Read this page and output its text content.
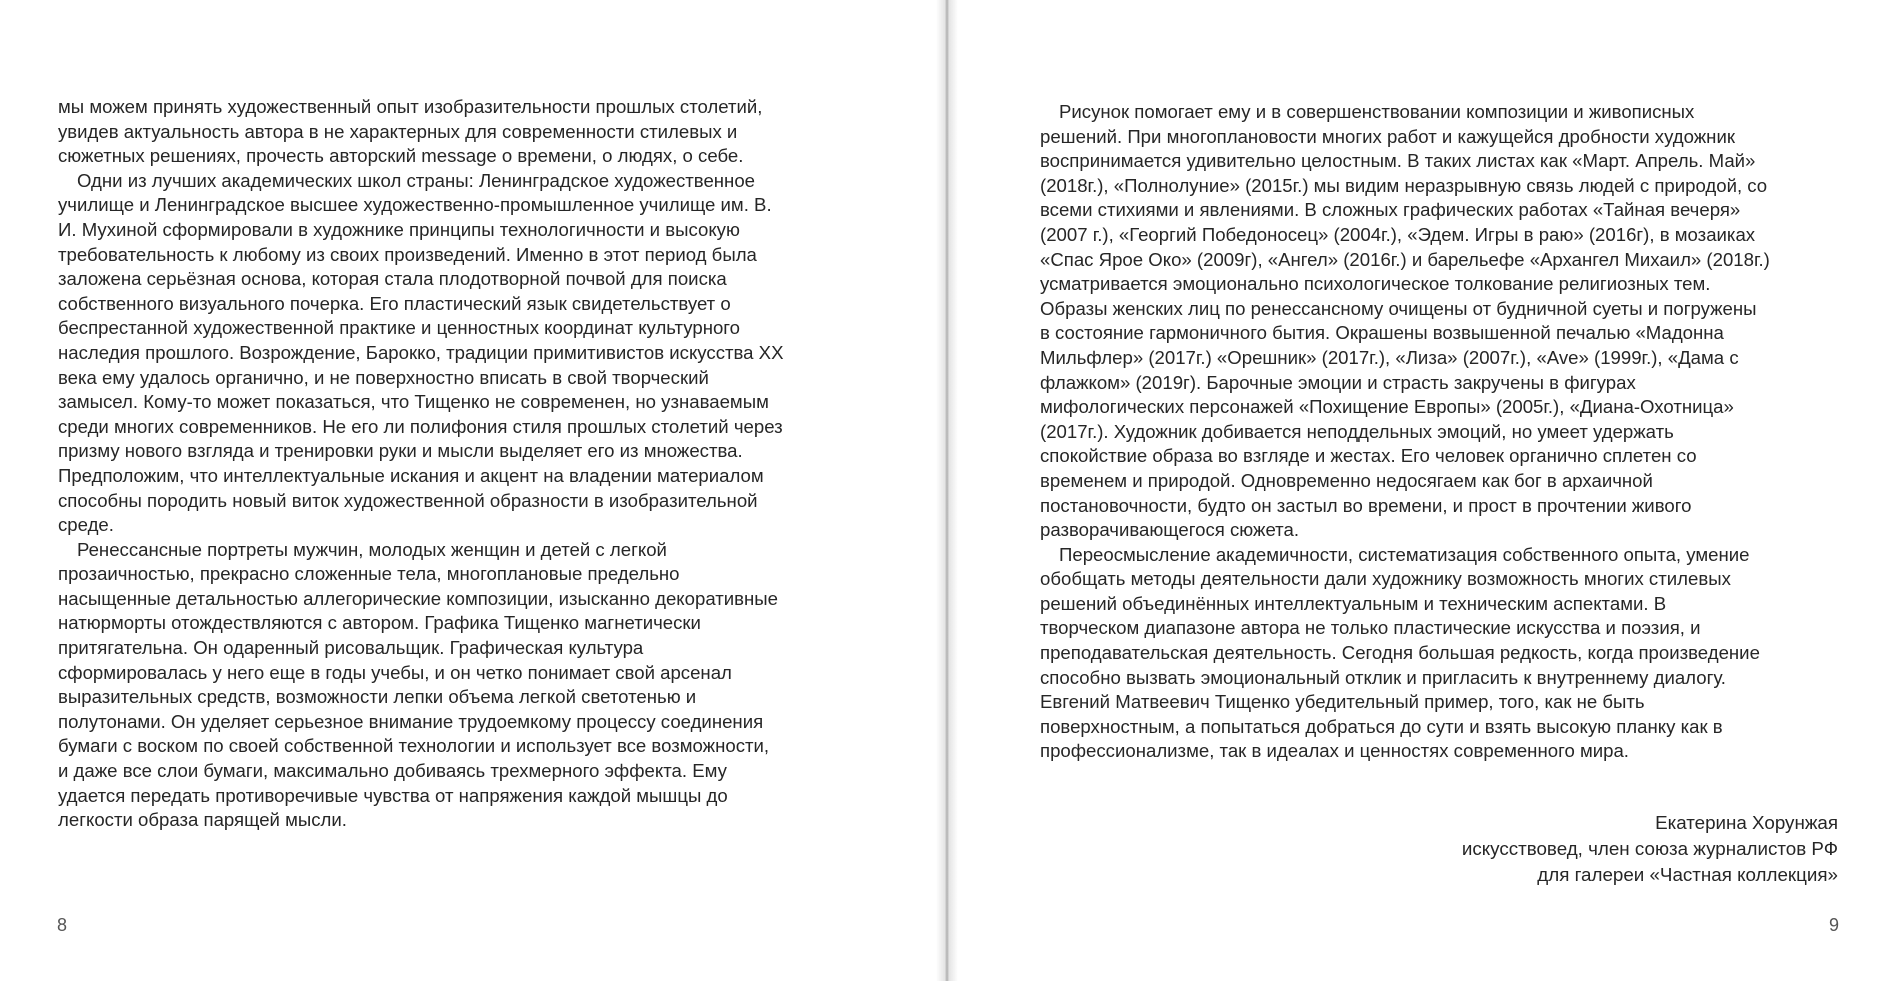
мы можем принять художественный опыт изобразительности прошлых столетий,
увидев актуальность автора в не характерных для современности стилевых и
сюжетных решениях, прочесть авторский message о времени, о людях, о себе.
Одни из лучших академических школ страны: Ленинградское художественное
училище и Ленинградское высшее художественно-промышленное училище им. В.
И. Мухиной сформировали в художнике принципы технологичности и высокую
требовательность к любому из своих произведений. Именно в этот период была
заложена серьёзная основа, которая стала плодотворной почвой для поиска
собственного визуального почерка. Его пластический язык свидетельствует о
беспрестанной художественной практике и ценностных координат культурного
наследия прошлого. Возрождение, Барокко, традиции примитивистов искусства XX
века ему удалось органично, и не поверхностно вписать в свой творческий
замысел. Кому-то может показаться, что Тищенко не современен, но узнаваемым
среди многих современников. Не его ли полифония стиля прошлых столетий через
призму нового взгляда и тренировки руки и мысли выделяет его из множества.
Предположим, что интеллектуальные искания и акцент на владении материалом
способны породить новый виток художественной образности в изобразительной
среде.
Ренессансные портреты мужчин, молодых женщин и детей с легкой
прозаичностью, прекрасно сложенные тела, многоплановые предельно
насыщенные детальностью аллегорические композиции, изысканно декоративные
натюрморты отождествляются с автором. Графика Тищенко магнетически
притягательна. Он одаренный рисовальщик. Графическая культура
сформировалась у него еще в годы учебы, и он четко понимает свой арсенал
выразительных средств, возможности лепки объема легкой светотенью и
полутонами. Он уделяет серьезное внимание трудоемкому процессу соединения
бумаги с воском по своей собственной технологии и использует все возможности,
и даже все слои бумаги, максимально добиваясь трехмерного эффекта. Ему
удается передать противоречивые чувства от напряжения каждой мышцы до
легкости образа парящей мысли.
8
Рисунок помогает ему и в совершенствовании композиции и живописных
решений. При многоплановости многих работ и кажущейся дробности художник
воспринимается удивительно целостным. В таких листах как «Март. Апрель. Май»
(2018г.), «Полнолуние» (2015г.) мы видим неразрывную связь людей с природой, со
всеми стихиями и явлениями. В сложных графических работах «Тайная вечеря»
(2007 г.), «Георгий Победоносец» (2004г.), «Эдем. Игры в раю» (2016г), в мозаиках
«Спас Ярое Око» (2009г), «Ангел» (2016г.) и барельефе «Архангел Михаил» (2018г.)
усматривается эмоционально психологическое толкование религиозных тем.
Образы женских лиц по ренессансному очищены от будничной суеты и погружены
в состояние гармоничного бытия. Окрашены возвышенной печалью «Мадонна
Мильфлер» (2017г.) «Орешник» (2017г.), «Лиза» (2007г.), «Ave» (1999г.), «Дама с
флажком» (2019г). Барочные эмоции и страсть закручены в фигурах
мифологических персонажей «Похищение Европы» (2005г.), «Диана-Охотница»
(2017г.). Художник добивается неподдельных эмоций, но умеет удержать
спокойствие образа во взгляде и жестах. Его человек органично сплетен со
временем и природой. Одновременно недосягаем как бог в архаичной
постановочности, будто он застыл во времени, и прост в прочтении живого
разворачивающегося сюжета.
Переосмысление академичности, систематизация собственного опыта, умение
обобщать методы деятельности дали художнику возможность многих стилевых
решений объединённых интеллектуальным и техническим аспектами. В
творческом диапазоне автора не только пластические искусства и поэзия, и
преподавательская деятельность. Сегодня большая редкость, когда произведение
способно вызвать эмоциональный отклик и пригласить к внутреннему диалогу.
Евгений Матвеевич Тищенко убедительный пример, того, как не быть
поверхностным, а попытаться добраться до сути и взять высокую планку как в
профессионализме, так в идеалах и ценностях современного мира.
Екатерина Хорунжая
искусствовед, член союза журналистов РФ
для галереи «Частная коллекция»
9
